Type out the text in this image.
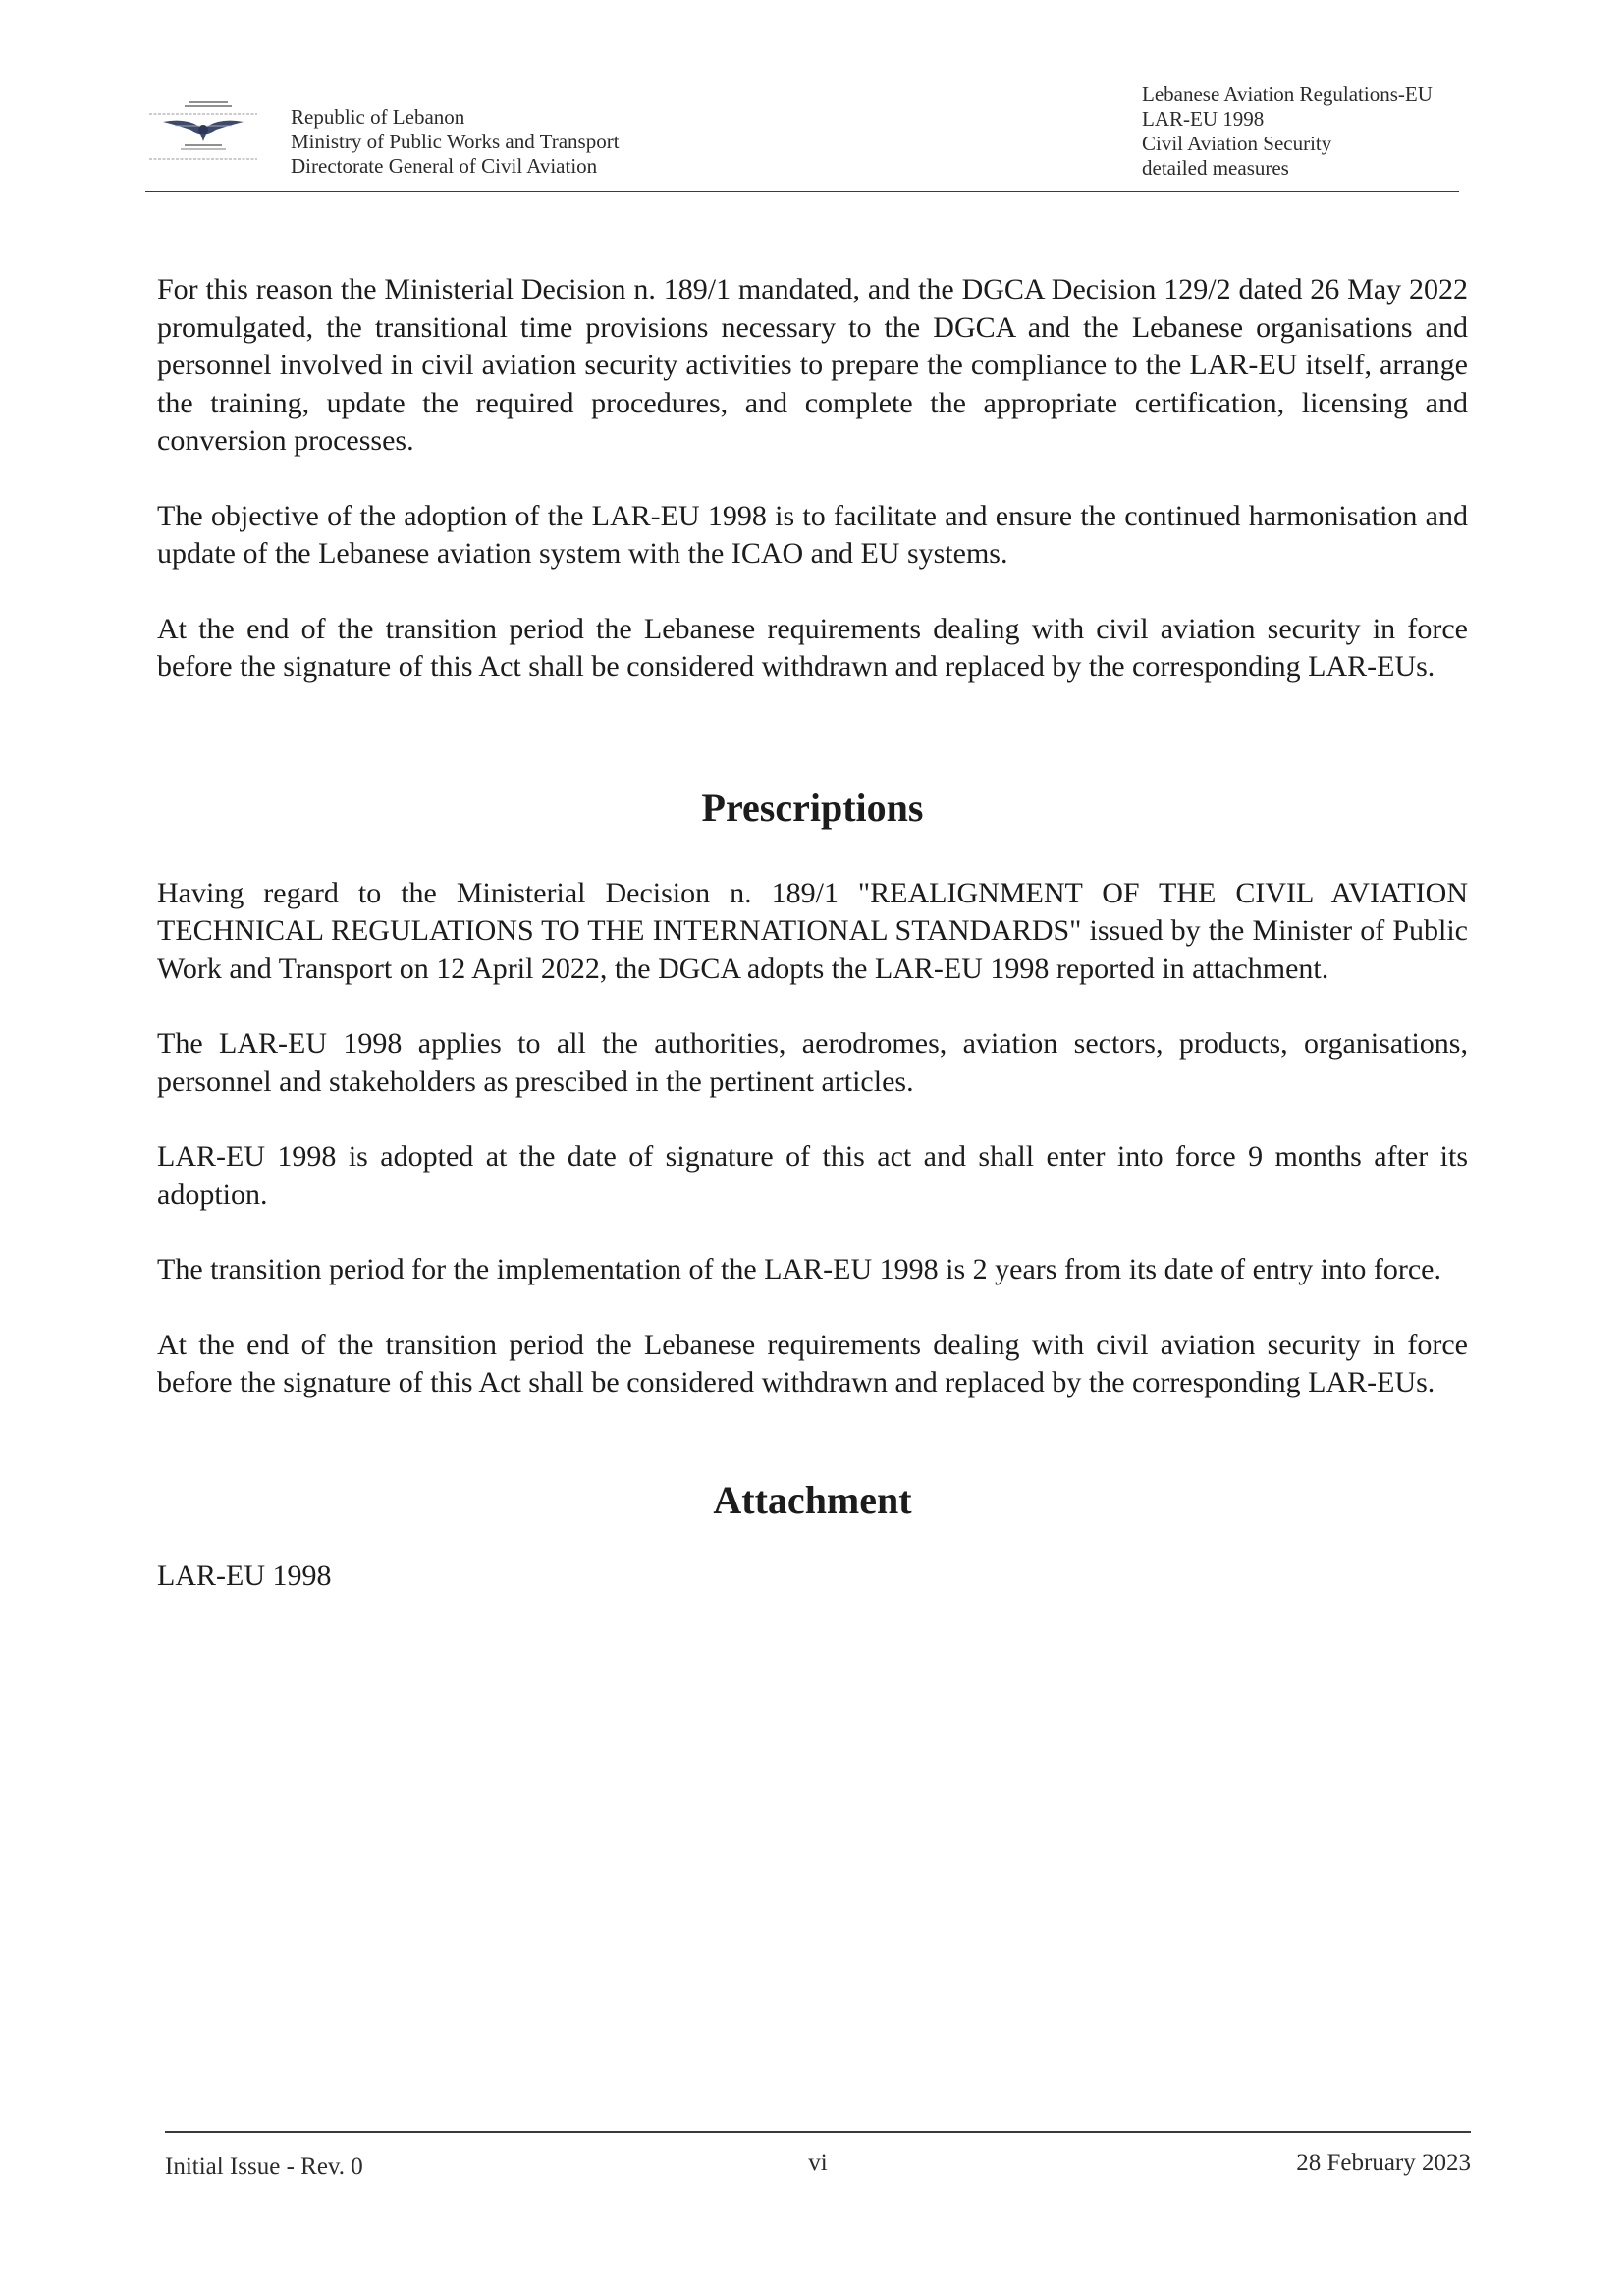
Republic of Lebanon
Ministry of Public Works and Transport
Directorate General of Civil Aviation
Lebanese Aviation Regulations-EU
LAR-EU 1998
Civil Aviation Security
detailed measures

For this reason the Ministerial Decision n. 189/1 mandated, and the DGCA Decision 129/2 dated 26 May 2022 promulgated, the transitional time provisions necessary to the DGCA and the Lebanese organisations and personnel involved in civil aviation security activities to prepare the compliance to the LAR-EU itself, arrange the training, update the required procedures, and complete the appropriate certification, licensing and conversion processes.

The objective of the adoption of the LAR-EU 1998 is to facilitate and ensure the continued harmonisation and update of the Lebanese aviation system with the ICAO and EU systems.

At the end of the transition period the Lebanese requirements dealing with civil aviation security in force before the signature of this Act shall be considered withdrawn and replaced by the corresponding LAR-EUs.

Prescriptions

Having regard to the Ministerial Decision n. 189/1 "REALIGNMENT OF THE CIVIL AVIATION TECHNICAL REGULATIONS TO THE INTERNATIONAL STANDARDS" issued by the Minister of Public Work and Transport on 12 April 2022, the DGCA adopts the LAR-EU 1998 reported in attachment.

The LAR-EU 1998 applies to all the authorities, aerodromes, aviation sectors, products, organisations, personnel and stakeholders as prescibed in the pertinent articles.

LAR-EU 1998 is adopted at the date of signature of this act and shall enter into force 9 months after its adoption.

The transition period for the implementation of the LAR-EU 1998 is 2 years from its date of entry into force.

At the end of the transition period the Lebanese requirements dealing with civil aviation security in force before the signature of this Act shall be considered withdrawn and replaced by the corresponding LAR-EUs.

Attachment

LAR-EU 1998

Initial Issue - Rev. 0	vi	28 February 2023
